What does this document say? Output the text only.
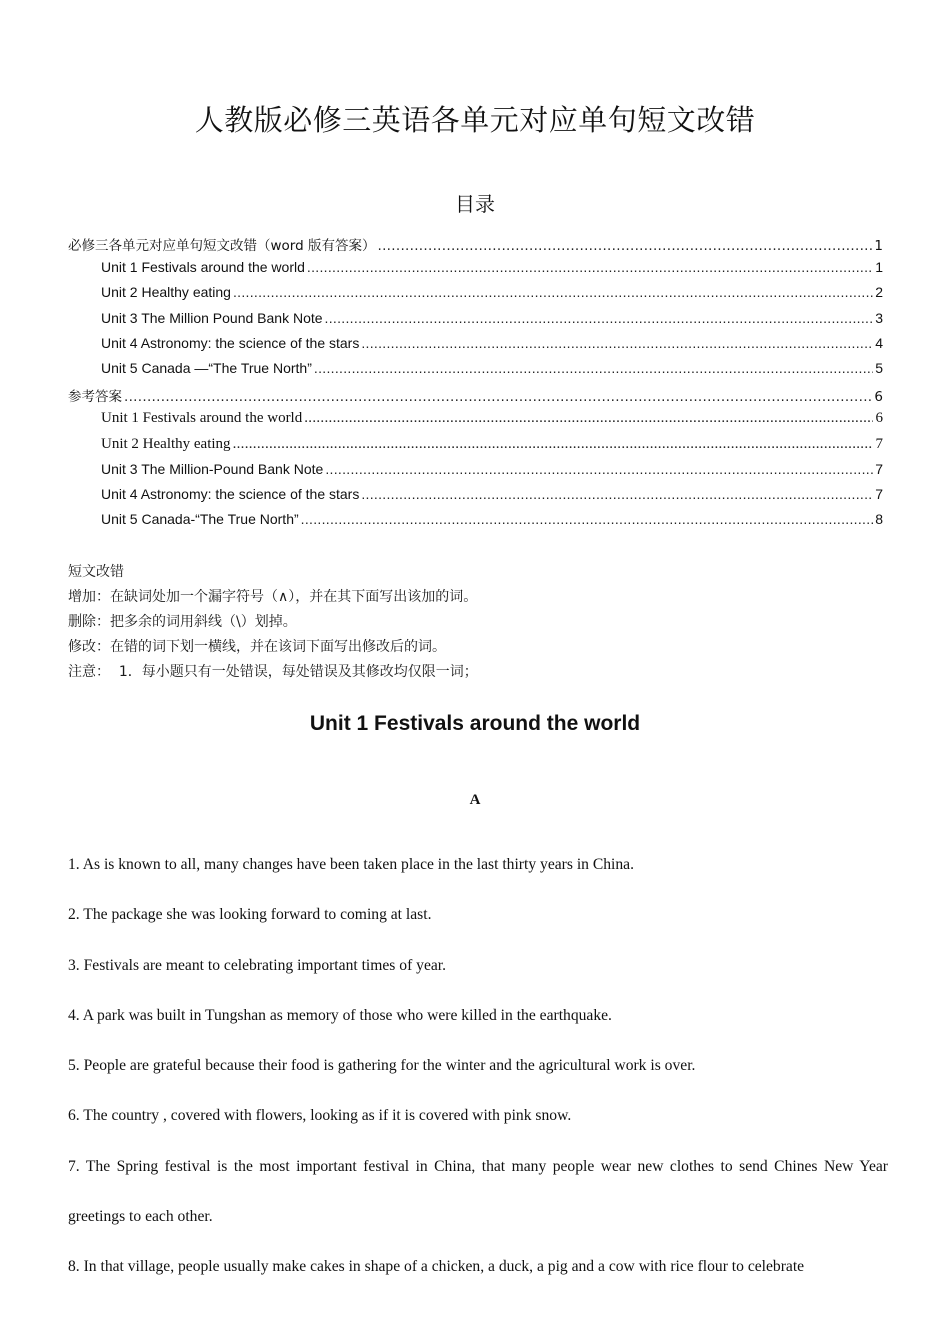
人教版必修三英语各单元对应单句短文改错
目录
必修三各单元对应单句短文改错（word 版有答案） .....	1
Unit 1 Festivals around the world .....	1
Unit 2 Healthy eating .....	2
Unit 3 The Million Pound Bank Note .....	3
Unit 4 Astronomy: the science of the stars .....	4
Unit 5 Canada —“The True North” .....	5
参考答案 .....	6
Unit 1 Festivals around the world .....	6
Unit 2 Healthy eating .....	7
Unit 3 The Million-Pound Bank Note .....	7
Unit 4 Astronomy: the science of the stars .....	7
Unit 5 Canada-“The True North” .....	8
短文改错
增加：在缺词处加一个漏字符号（∧），并在其下面写出该加的词。
删除：把多余的词用斜线（\）划掉。
修改：在错的词下划一横线，并在该词下面写出修改后的词。
注意：  1．每小题只有一处错误，每处错误及其修改均仅限一词；
Unit 1 Festivals around the world
A
1. As is known to all, many changes have been taken place in the last thirty years in China.
2. The package she was looking forward to coming at last.
3. Festivals are meant to celebrating important times of year.
4. A park was built in Tungshan as memory of those who were killed in the earthquake.
5. People are grateful because their food is gathering for the winter and the agricultural work is over.
6. The country , covered with flowers, looking as if it is covered with pink snow.
7. The Spring festival is the most important festival in China, that many people wear new clothes to send Chines New Year greetings to each other.
8. In that village, people usually make cakes in shape of a chicken, a duck, a pig and a cow with rice flour to celebrate
